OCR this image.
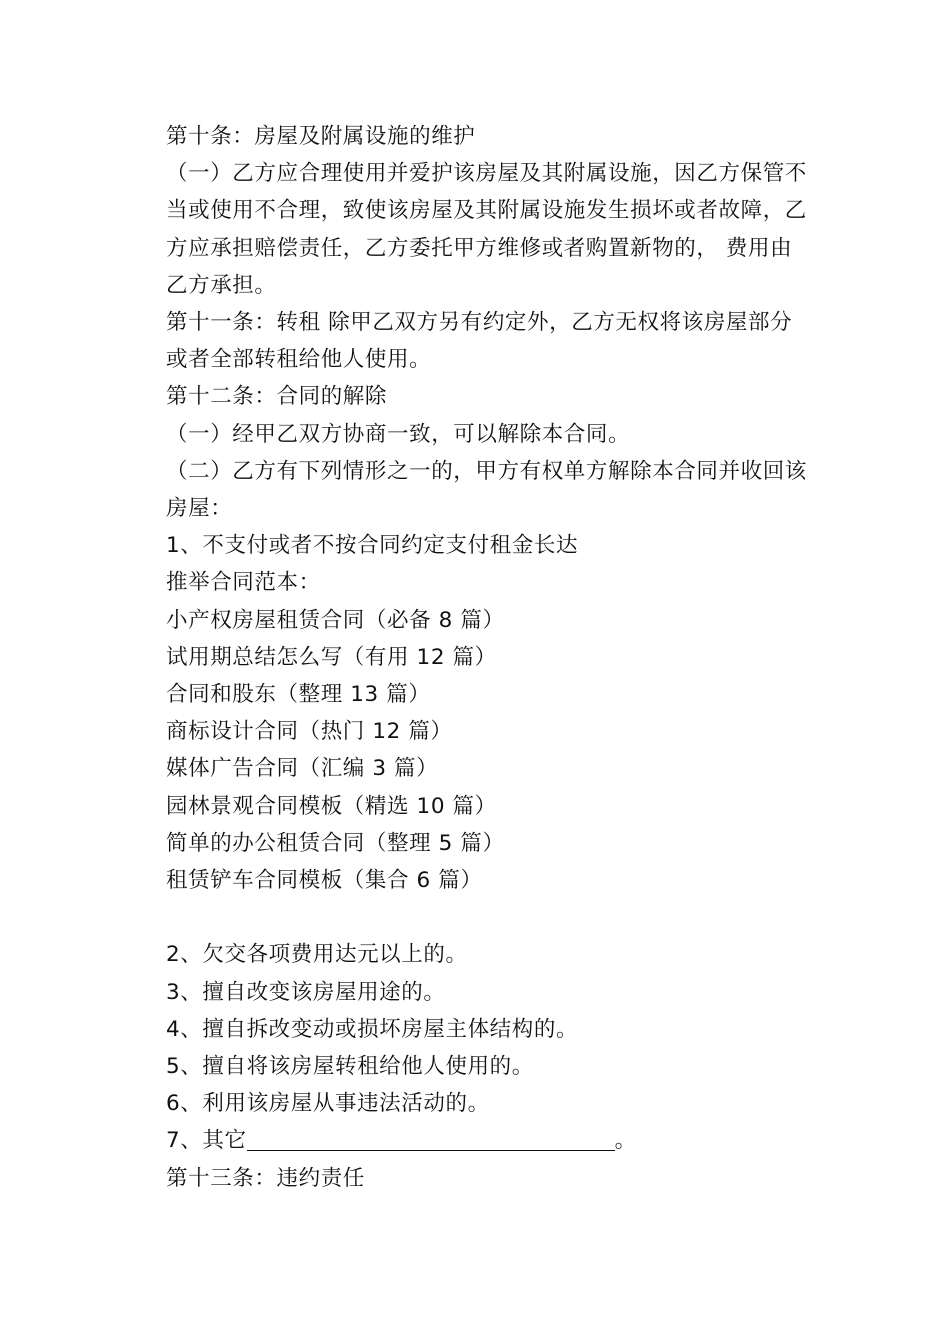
第十条：房屋及附属设施的维护

（一）乙方应合理使用并爱护该房屋及其附属设施，因乙方保管不当或使用不合理，致使该房屋及其附属设施发生损坏或者故障，乙方应承担赔偿责任，乙方委托甲方维修或者购置新物的， 费用由乙方承担。

第十一条：转租 除甲乙双方另有约定外，乙方无权将该房屋部分或者全部转租给他人使用。

第十二条：合同的解除

（一）经甲乙双方协商一致，可以解除本合同。

（二）乙方有下列情形之一的，甲方有权单方解除本合同并收回该房屋：

1、不支付或者不按合同约定支付租金长达

推举合同范本：

小产权房屋租赁合同（必备 8 篇）

试用期总结怎么写（有用 12 篇）

合同和股东（整理 13 篇）

商标设计合同（热门 12 篇）

媒体广告合同（汇编 3 篇）

园林景观合同模板（精选 10 篇）

简单的办公租赁合同（整理 5 篇）

租赁铲车合同模板（集合 6 篇）

2、欠交各项费用达元以上的。

3、擅自改变该房屋用途的。

4、擅自拆改变动或损坏房屋主体结构的。

5、擅自将该房屋转租给他人使用的。

6、利用该房屋从事违法活动的。

7、其它	。

第十三条：违约责任
